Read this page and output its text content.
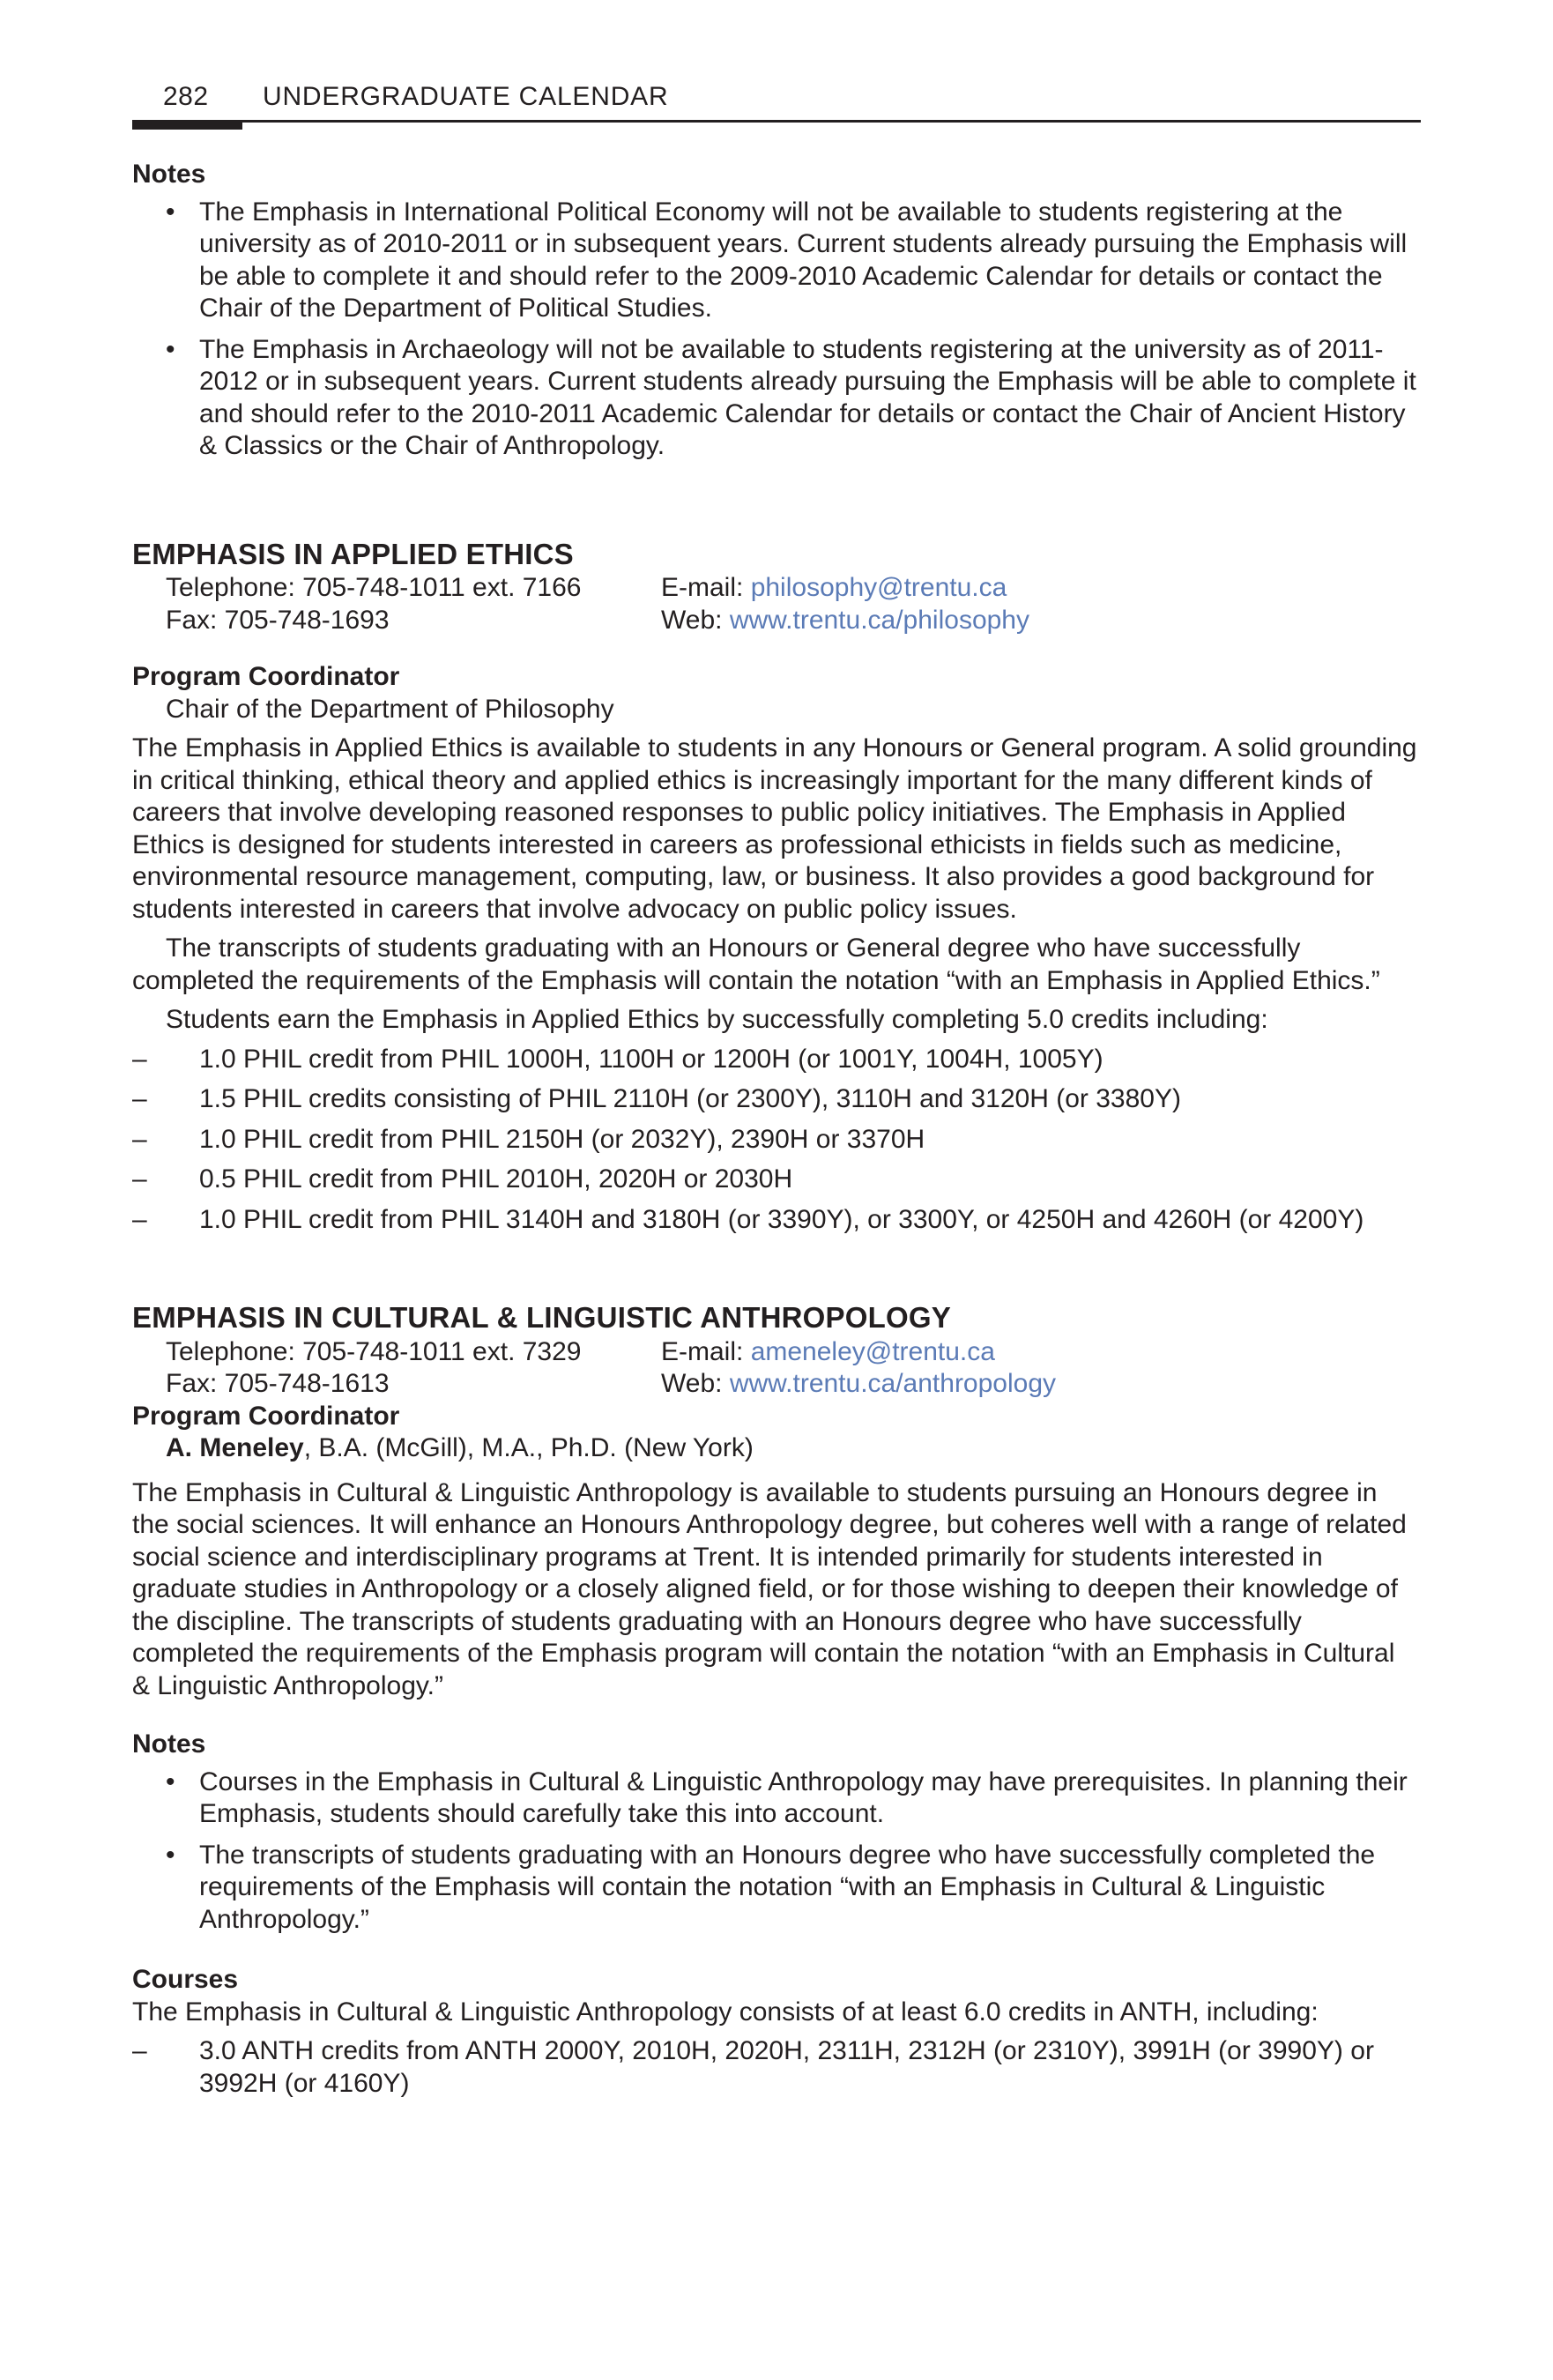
282 UNDERGRADUATE CALENDAR

Notes

• The Emphasis in International Political Economy will not be available to students registering at the university as of 2010-2011 or in subsequent years. Current students already pursuing the Emphasis will be able to complete it and should refer to the 2009-2010 Academic Calendar for details or contact the Chair of the Department of Political Studies.
• The Emphasis in Archaeology will not be available to students registering at the university as of 2011-2012 or in subsequent years. Current students already pursuing the Emphasis will be able to complete it and should refer to the 2010-2011 Academic Calendar for details or contact the Chair of Ancient History & Classics or the Chair of Anthropology.

EMPHASIS IN APPLIED ETHICS

Telephone: 705-748-1011 ext. 7166	E-mail: philosophy@trentu.ca
Fax: 705-748-1693	Web: www.trentu.ca/philosophy

Program Coordinator

Chair of the Department of Philosophy

The Emphasis in Applied Ethics is available to students in any Honours or General program. A solid grounding in critical thinking, ethical theory and applied ethics is increasingly important for the many different kinds of careers that involve developing reasoned responses to public policy initiatives. The Emphasis in Applied Ethics is designed for students interested in careers as professional ethicists in fields such as medicine, environmental resource management, computing, law, or business. It also provides a good background for students interested in careers that involve advocacy on public policy issues.

The transcripts of students graduating with an Honours or General degree who have successfully completed the requirements of the Emphasis will contain the notation “with an Emphasis in Applied Ethics.”

Students earn the Emphasis in Applied Ethics by successfully completing 5.0 credits including:

– 1.0 PHIL credit from PHIL 1000H, 1100H or 1200H (or 1001Y, 1004H, 1005Y)
– 1.5 PHIL credits consisting of PHIL 2110H (or 2300Y), 3110H and 3120H (or 3380Y)
– 1.0 PHIL credit from PHIL 2150H (or 2032Y), 2390H or 3370H
– 0.5 PHIL credit from PHIL 2010H, 2020H or 2030H
– 1.0 PHIL credit from PHIL 3140H and 3180H (or 3390Y), or 3300Y, or 4250H and 4260H (or 4200Y)

EMPHASIS IN CULTURAL & LINGUISTIC ANTHROPOLOGY

Telephone: 705-748-1011 ext. 7329	E-mail: ameneley@trentu.ca
Fax: 705-748-1613	Web: www.trentu.ca/anthropology

Program Coordinator

A. Meneley, B.A. (McGill), M.A., Ph.D. (New York)

The Emphasis in Cultural & Linguistic Anthropology is available to students pursuing an Honours degree in the social sciences. It will enhance an Honours Anthropology degree, but coheres well with a range of related social science and interdisciplinary programs at Trent. It is intended primarily for students interested in graduate studies in Anthropology or a closely aligned field, or for those wishing to deepen their knowledge of the discipline. The transcripts of students graduating with an Honours degree who have successfully completed the requirements of the Emphasis program will contain the notation “with an Emphasis in Cultural & Linguistic Anthropology.”

Notes

• Courses in the Emphasis in Cultural & Linguistic Anthropology may have prerequisites. In planning their Emphasis, students should carefully take this into account.
• The transcripts of students graduating with an Honours degree who have successfully completed the requirements of the Emphasis will contain the notation “with an Emphasis in Cultural & Linguistic Anthropology.”

Courses

The Emphasis in Cultural & Linguistic Anthropology consists of at least 6.0 credits in ANTH, including:

– 3.0 ANTH credits from ANTH 2000Y, 2010H, 2020H, 2311H, 2312H (or 2310Y), 3991H (or 3990Y) or 3992H (or 4160Y)
